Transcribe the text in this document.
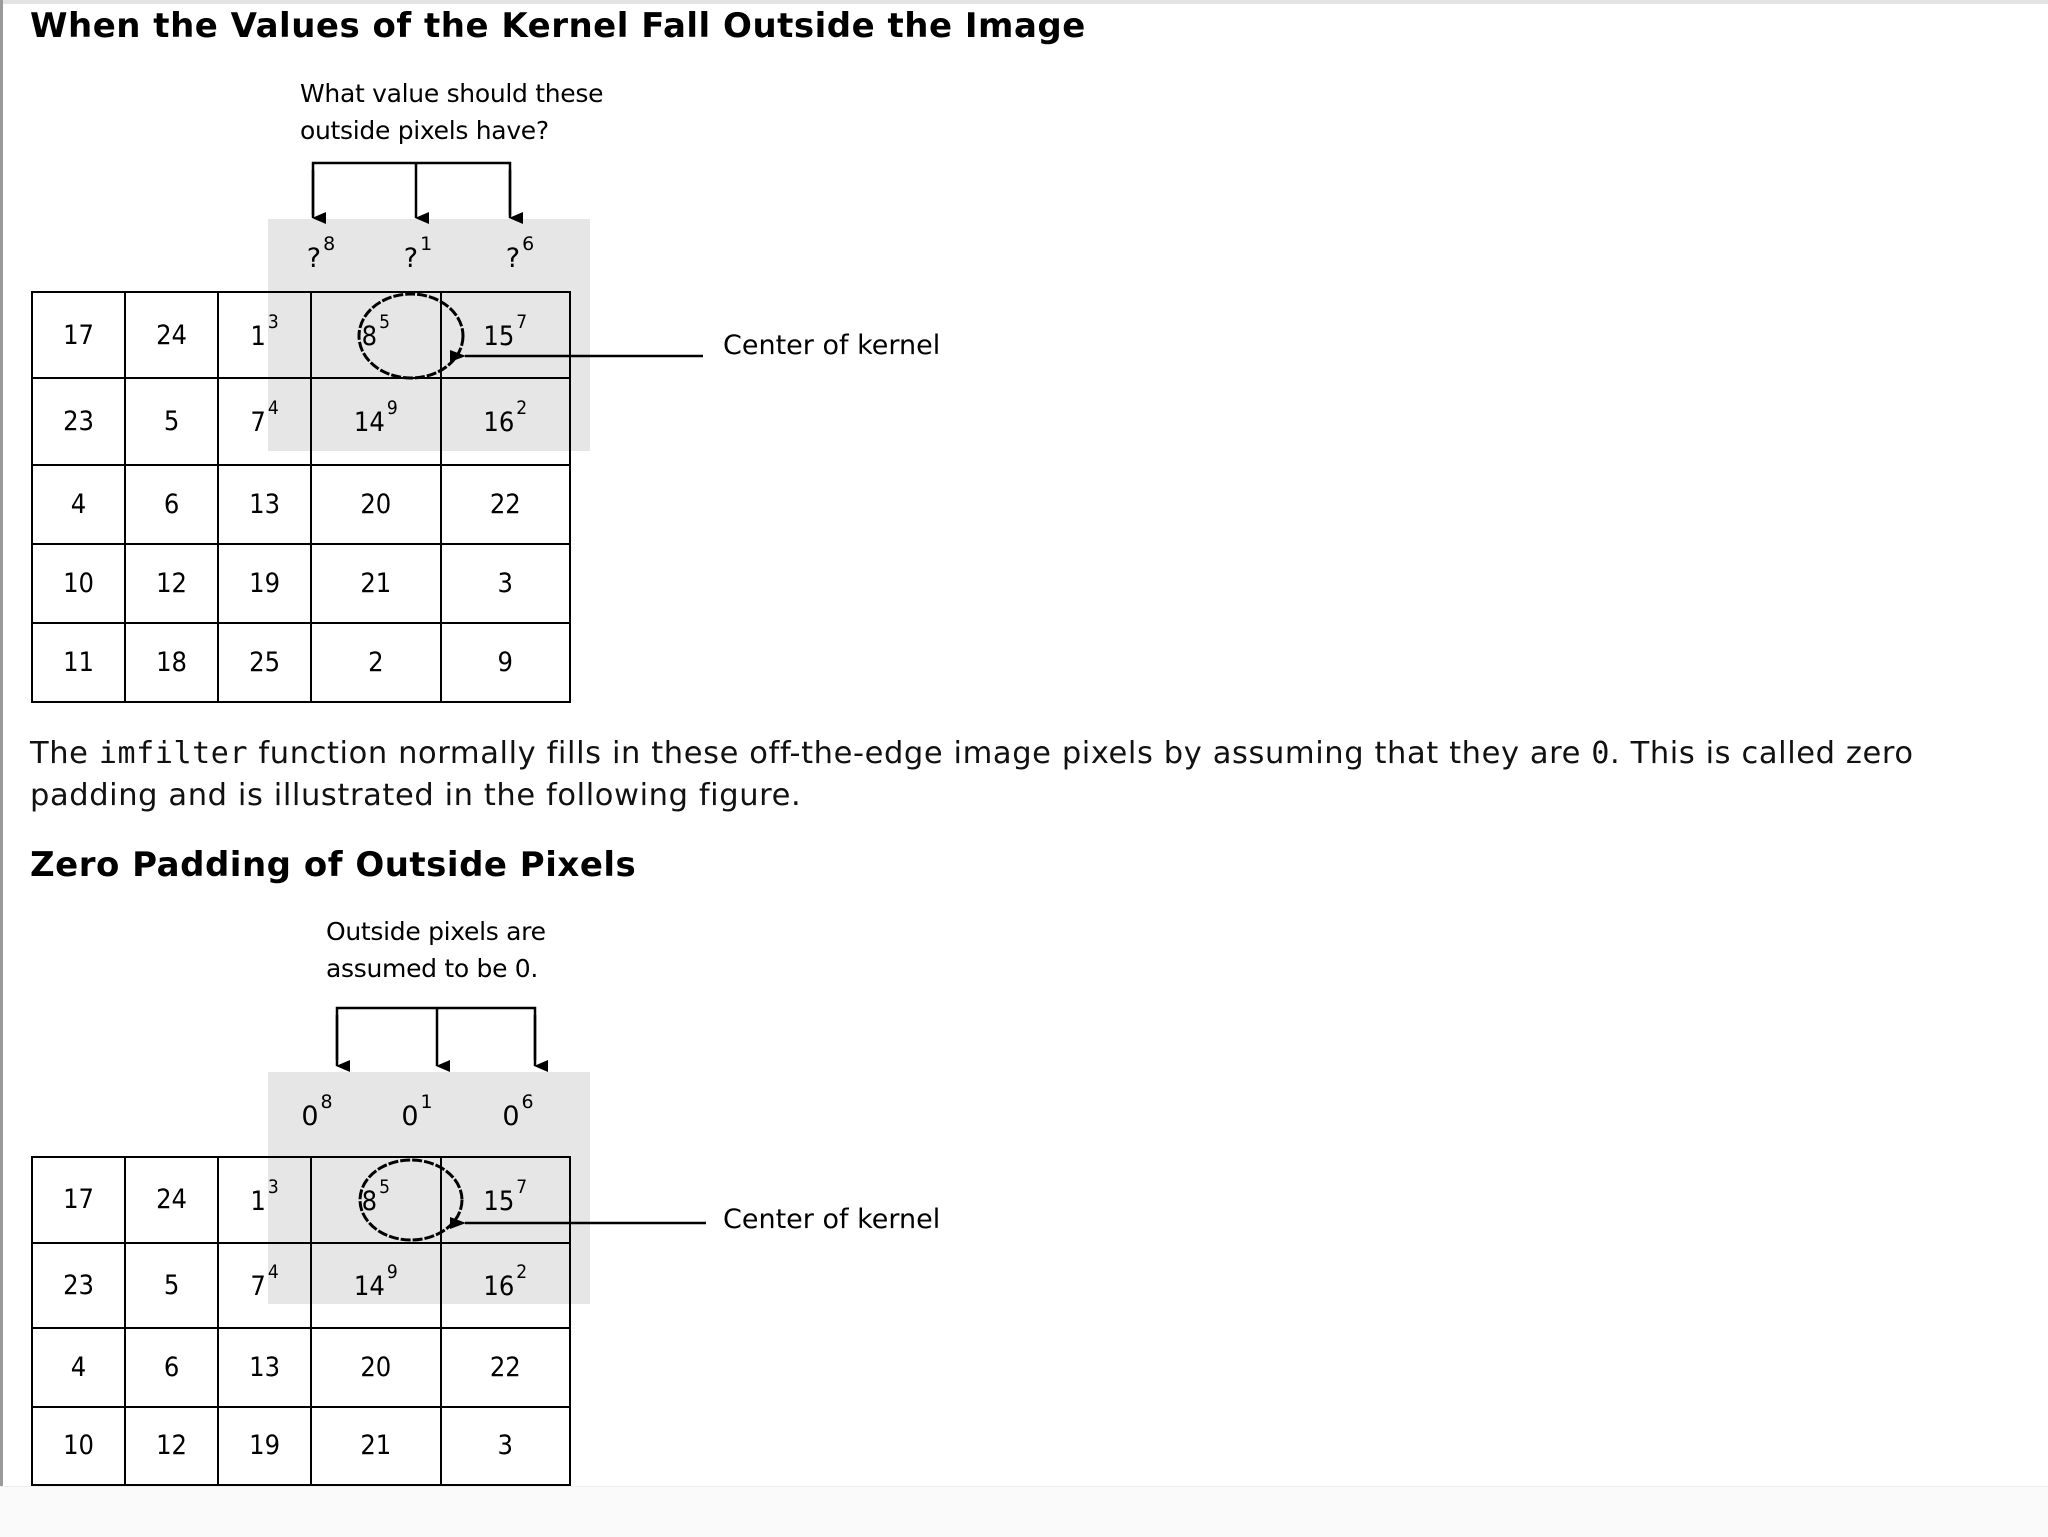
When the Values of the Kernel Fall Outside the Image

What value should these
outside pixels have?

? $^8$	? $^1$	? $^6$
17	24	1 $^3$	8 $^5$	15 $^7$
23	5	7 $^4$	14 $^9$	16 $^2$
4	6	13	20	22
10	12	19	21	3
11	18	25	2	9
Center of kernel

The imfilter function normally fills in these off-the-edge image pixels by assuming that they are 0. This is called zero padding and is illustrated in the following figure.

Zero Padding of Outside Pixels

Outside pixels are
assumed to be 0.

0 $^8$	0 $^1$	0 $^6$
17	24	1 $^3$	8 $^5$	15 $^7$
23	5	7 $^4$	14 $^9$	16 $^2$
4	6	13	20	22
10	12	19	21	3
Center of kernel
